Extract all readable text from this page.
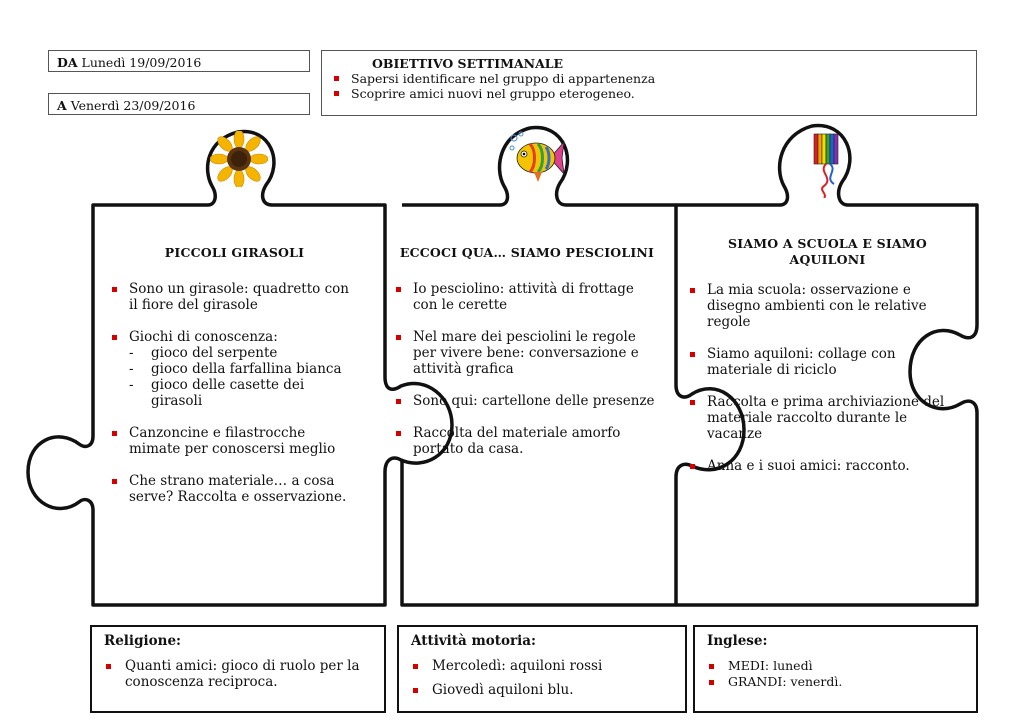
DA Lunedì 19/09/2016
A Venerdì 23/09/2016
OBIETTIVO SETTIMANALE
Sapersi identificare nel gruppo di appartenenza
Scoprire amici nuovi nel gruppo eterogeneo.
PICCOLI GIRASOLI
Sono un girasole: quadretto con il fiore del girasole
Giochi di conoscenza:
-	gioco del serpente
-	gioco della farfallina bianca
-	gioco delle casette dei girasoli
Canzoncine e filastrocche mimate per conoscersi meglio
Che strano materiale… a cosa serve? Raccolta e osservazione.
ECCOCI QUA… SIAMO PESCIOLINI
Io pesciolino: attività di frottage con le cerette
Nel mare dei pesciolini le regole per vivere bene: conversazione e attività grafica
Sono qui: cartellone delle presenze
Raccolta del materiale amorfo portato da casa.
SIAMO A SCUOLA E SIAMO AQUILONI
La mia scuola: osservazione e disegno ambienti con le relative regole
Siamo aquiloni: collage con materiale di riciclo
Raccolta e prima archiviazione del materiale raccolto durante le vacanze
Anna e i suoi amici: racconto.
Religione:
Quanti amici: gioco di ruolo per la conoscenza reciproca.
Attività motoria:
Mercoledì: aquiloni rossi
Giovedì aquiloni blu.
Inglese:
MEDI: lunedì
GRANDI: venerdì.
